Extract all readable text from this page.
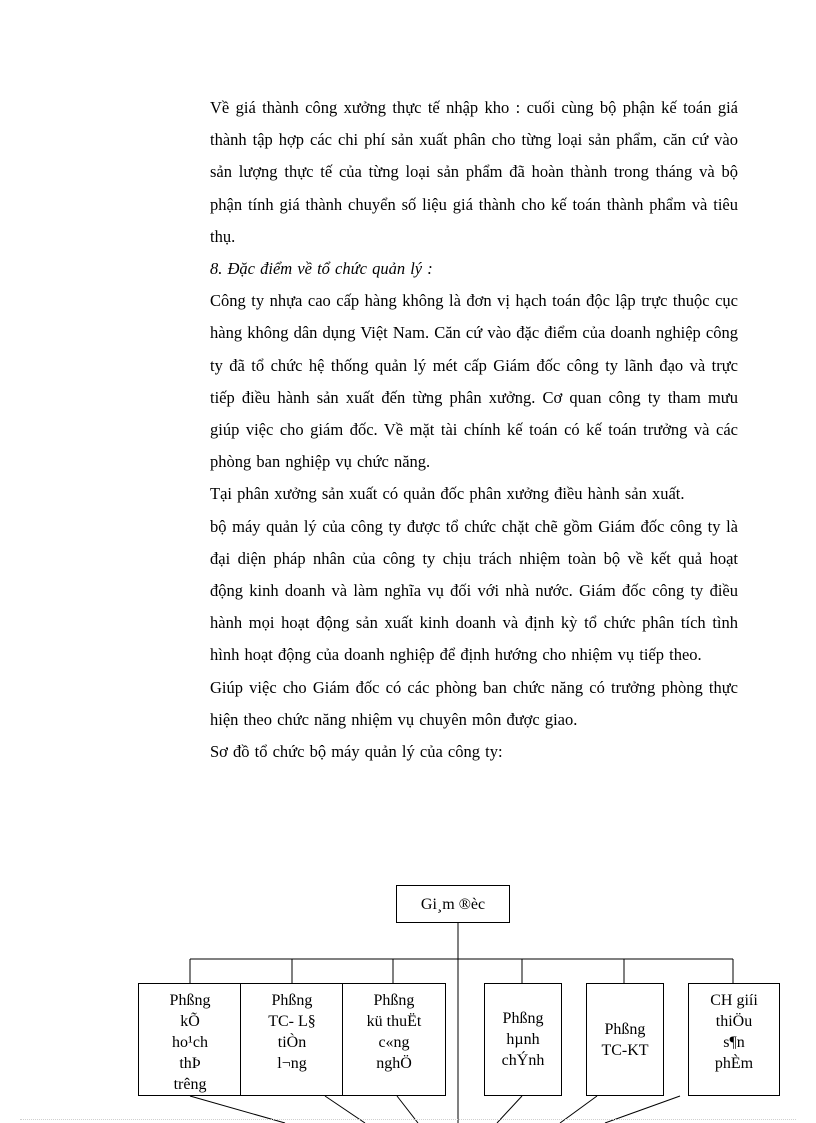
Về giá thành công xưởng thực tế nhập kho : cuối cùng bộ phận kế toán giá thành tập hợp các chi phí sản xuất phân cho từng loại sản phẩm, căn cứ vào sản lượng thực tế của từng loại sản phẩm đã hoàn thành trong tháng và bộ phận tính giá thành chuyển số liệu giá thành cho kế toán thành phẩm và tiêu thụ.

8. Đặc điểm về tổ chức quản lý :

Công ty nhựa cao cấp hàng không là đơn vị hạch toán độc lập trực thuộc cục hàng không dân dụng Việt Nam. Căn cứ vào đặc điểm của doanh nghiệp công ty đã tổ chức hệ thống quản lý mét cấp Giám đốc công ty lãnh đạo và trực tiếp điều hành sản xuất đến từng phân xưởng. Cơ quan công ty tham mưu giúp việc cho giám đốc. Về mặt tài chính kế toán có kế toán trưởng và các phòng ban nghiệp vụ chức năng.

Tại phân xưởng sản xuất có quản đốc phân xưởng điều hành sản xuất.

bộ máy quản lý của công ty được tổ chức chặt chẽ gồm Giám đốc công ty là đại diện pháp nhân của công ty chịu trách nhiệm toàn bộ về kết quả hoạt động kinh doanh và làm nghĩa vụ đối với nhà nước. Giám đốc công ty điều hành mọi hoạt động sản xuất kinh doanh và định kỳ tổ chức phân tích tình hình hoạt động của doanh nghiệp để định hướng cho nhiệm vụ tiếp theo.

Giúp việc cho Giám đốc có các phòng ban chức năng có trưởng phòng thực hiện theo chức năng nhiệm vụ chuyên môn được giao.

Sơ đồ tổ chức bộ máy quản lý của công ty:

Gi¸m ®èc
Phßng
kÕ
ho¹ch
thÞ
trêng
Phßng
TC- L§
tiÒn
l¬ng
Phßng
kü thuËt
c«ng
nghÖ
Phßng
hµnh
chÝnh
Phßng
TC-KT
CH giíi
thiÖu
s¶n
phÈm
